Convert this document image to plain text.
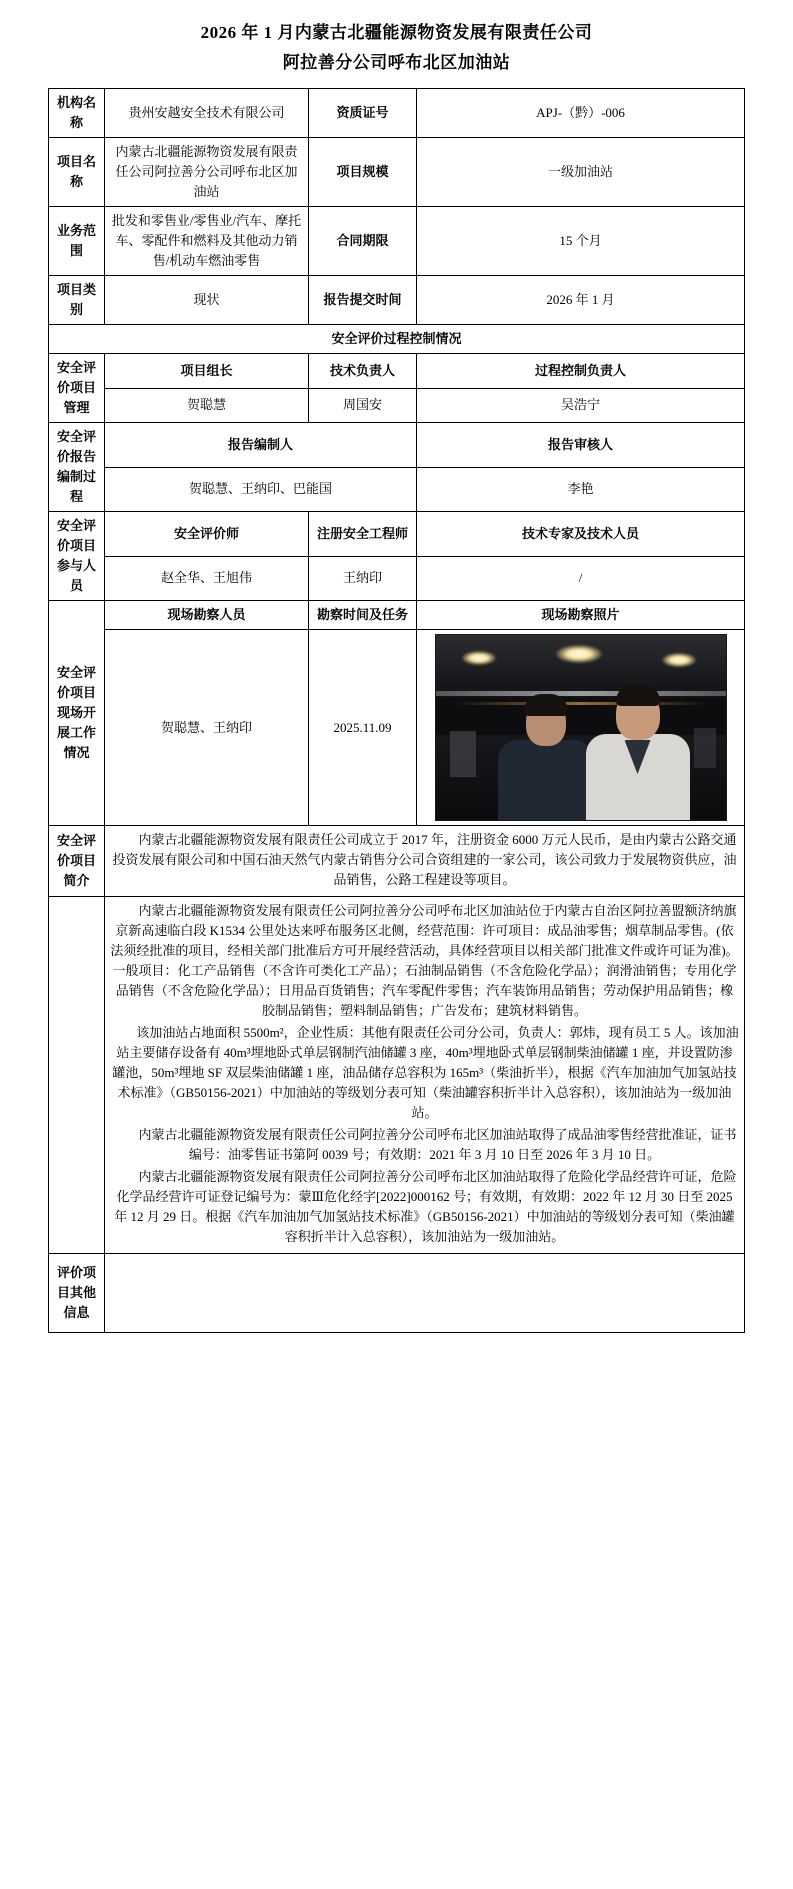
2026 年 1 月内蒙古北疆能源物资发展有限责任公司
阿拉善分公司呼布北区加油站
机构名称	贵州安越安全技术有限公司	资质证号	APJ-（黔）-006
项目名称	内蒙古北疆能源物资发展有限责任公司阿拉善分公司呼布北区加油站	项目规模	一级加油站
业务范围	批发和零售业/零售业/汽车、摩托车、零配件和燃料及其他动力销售/机动车燃油零售	合同期限	15 个月
项目类别	现状	报告提交时间	2026 年 1 月
安全评价过程控制情况			
安全评价项目管理	项目组长	技术负责人	过程控制负责人
	贺聪慧	周国安	吴浩宁
安全评价报告编制过程	报告编制人		报告审核人
	贺聪慧、王纳印、巴能国		李艳
安全评价项目参与人员	安全评价师	注册安全工程师	技术专家及技术人员
	赵全华、王旭伟	王纳印	/
安全评价项目现场开展工作情况	现场勘察人员	勘察时间及任务	现场勘察照片
	贺聪慧、王纳印	2025.11.09	

安全评价项目简介	内蒙古北疆能源物资发展有限责任公司成立于 2017 年，注册资金 6000 万元人民币，是由内蒙古公路交通投资发展有限公司和中国石油天然气内蒙古销售分公司合资组建的一家公司，该公司致力于发展物资供应，油品销售，公路工程建设等项目。		

	内蒙古北疆能源物资发展有限责任公司阿拉善分公司呼布北区加油站位于内蒙古自治区阿拉善盟额济纳旗京新高速临白段 K1534 公里处达来呼布服务区北侧，经营范围：许可项目：成品油零售；烟草制品零售。(依法须经批准的项目，经相关部门批准后方可开展经营活动，具体经营项目以相关部门批准文件或许可证为准)。一般项目：化工产品销售（不含许可类化工产品）；石油制品销售（不含危险化学品）；润滑油销售；专用化学品销售（不含危险化学品）；日用品百货销售；汽车零配件零售；汽车装饰用品销售；劳动保护用品销售；橡胶制品销售；塑料制品销售；广告发布；建筑材料销售。

该加油站占地面积 5500m²，企业性质：其他有限责任公司分公司，负责人：郭炜，现有员工 5 人。该加油站主要储存设备有 40m³埋地卧式单层钢制汽油储罐 3 座，40m³埋地卧式单层钢制柴油储罐 1 座，并设置防渗罐池，50m³埋地 SF 双层柴油储罐 1 座，油品储存总容积为 165m³（柴油折半），根据《汽车加油加气加氢站技术标准》（GB50156-2021）中加油站的等级划分表可知（柴油罐容积折半计入总容积），该加油站为一级加油站。

内蒙古北疆能源物资发展有限责任公司阿拉善分公司呼布北区加油站取得了成品油零售经营批准证，证书编号：油零售证书第阿 0039 号；有效期：2021 年 3 月 10 日至 2026 年 3 月 10 日。

内蒙古北疆能源物资发展有限责任公司阿拉善分公司呼布北区加油站取得了危险化学品经营许可证，危险化学品经营许可证登记编号为：蒙Ⅲ危化经字[2022]000162 号；有效期，有效期：2022 年 12 月 30 日至 2025 年 12 月 29 日。根据《汽车加油加气加氢站技术标准》（GB50156-2021）中加油站的等级划分表可知（柴油罐容积折半计入总容积），该加油站为一级加油站。		

评价项目其他信息			
